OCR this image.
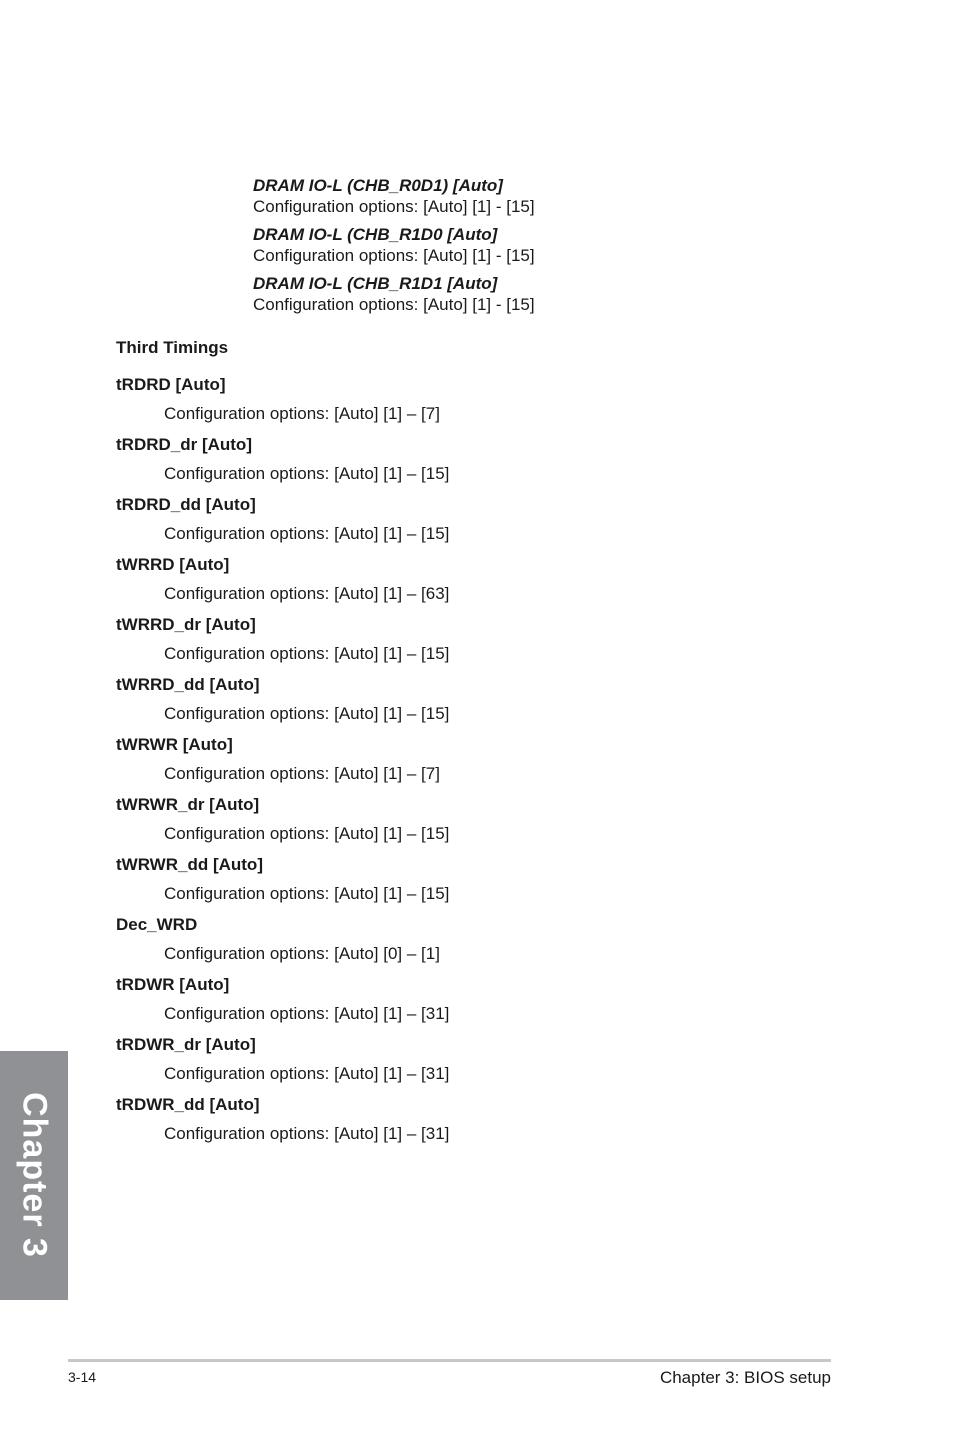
DRAM IO-L (CHB_R0D1) [Auto]
Configuration options: [Auto] [1] - [15]
DRAM IO-L (CHB_R1D0 [Auto]
Configuration options: [Auto] [1] - [15]
DRAM IO-L (CHB_R1D1 [Auto]
Configuration options: [Auto] [1] - [15]
Third Timings
tRDRD [Auto]
Configuration options: [Auto] [1] – [7]
tRDRD_dr [Auto]
Configuration options: [Auto] [1] – [15]
tRDRD_dd [Auto]
Configuration options: [Auto] [1] – [15]
tWRRD [Auto]
Configuration options: [Auto] [1] – [63]
tWRRD_dr [Auto]
Configuration options: [Auto] [1] – [15]
tWRRD_dd [Auto]
Configuration options: [Auto] [1] – [15]
tWRWR [Auto]
Configuration options: [Auto] [1] – [7]
tWRWR_dr [Auto]
Configuration options: [Auto] [1] – [15]
tWRWR_dd [Auto]
Configuration options: [Auto] [1] – [15]
Dec_WRD
Configuration options: [Auto] [0] – [1]
tRDWR [Auto]
Configuration options: [Auto] [1] – [31]
tRDWR_dr [Auto]
Configuration options: [Auto] [1] – [31]
tRDWR_dd [Auto]
Configuration options: [Auto] [1] – [31]
Chapter 3
3-14	Chapter 3: BIOS setup
